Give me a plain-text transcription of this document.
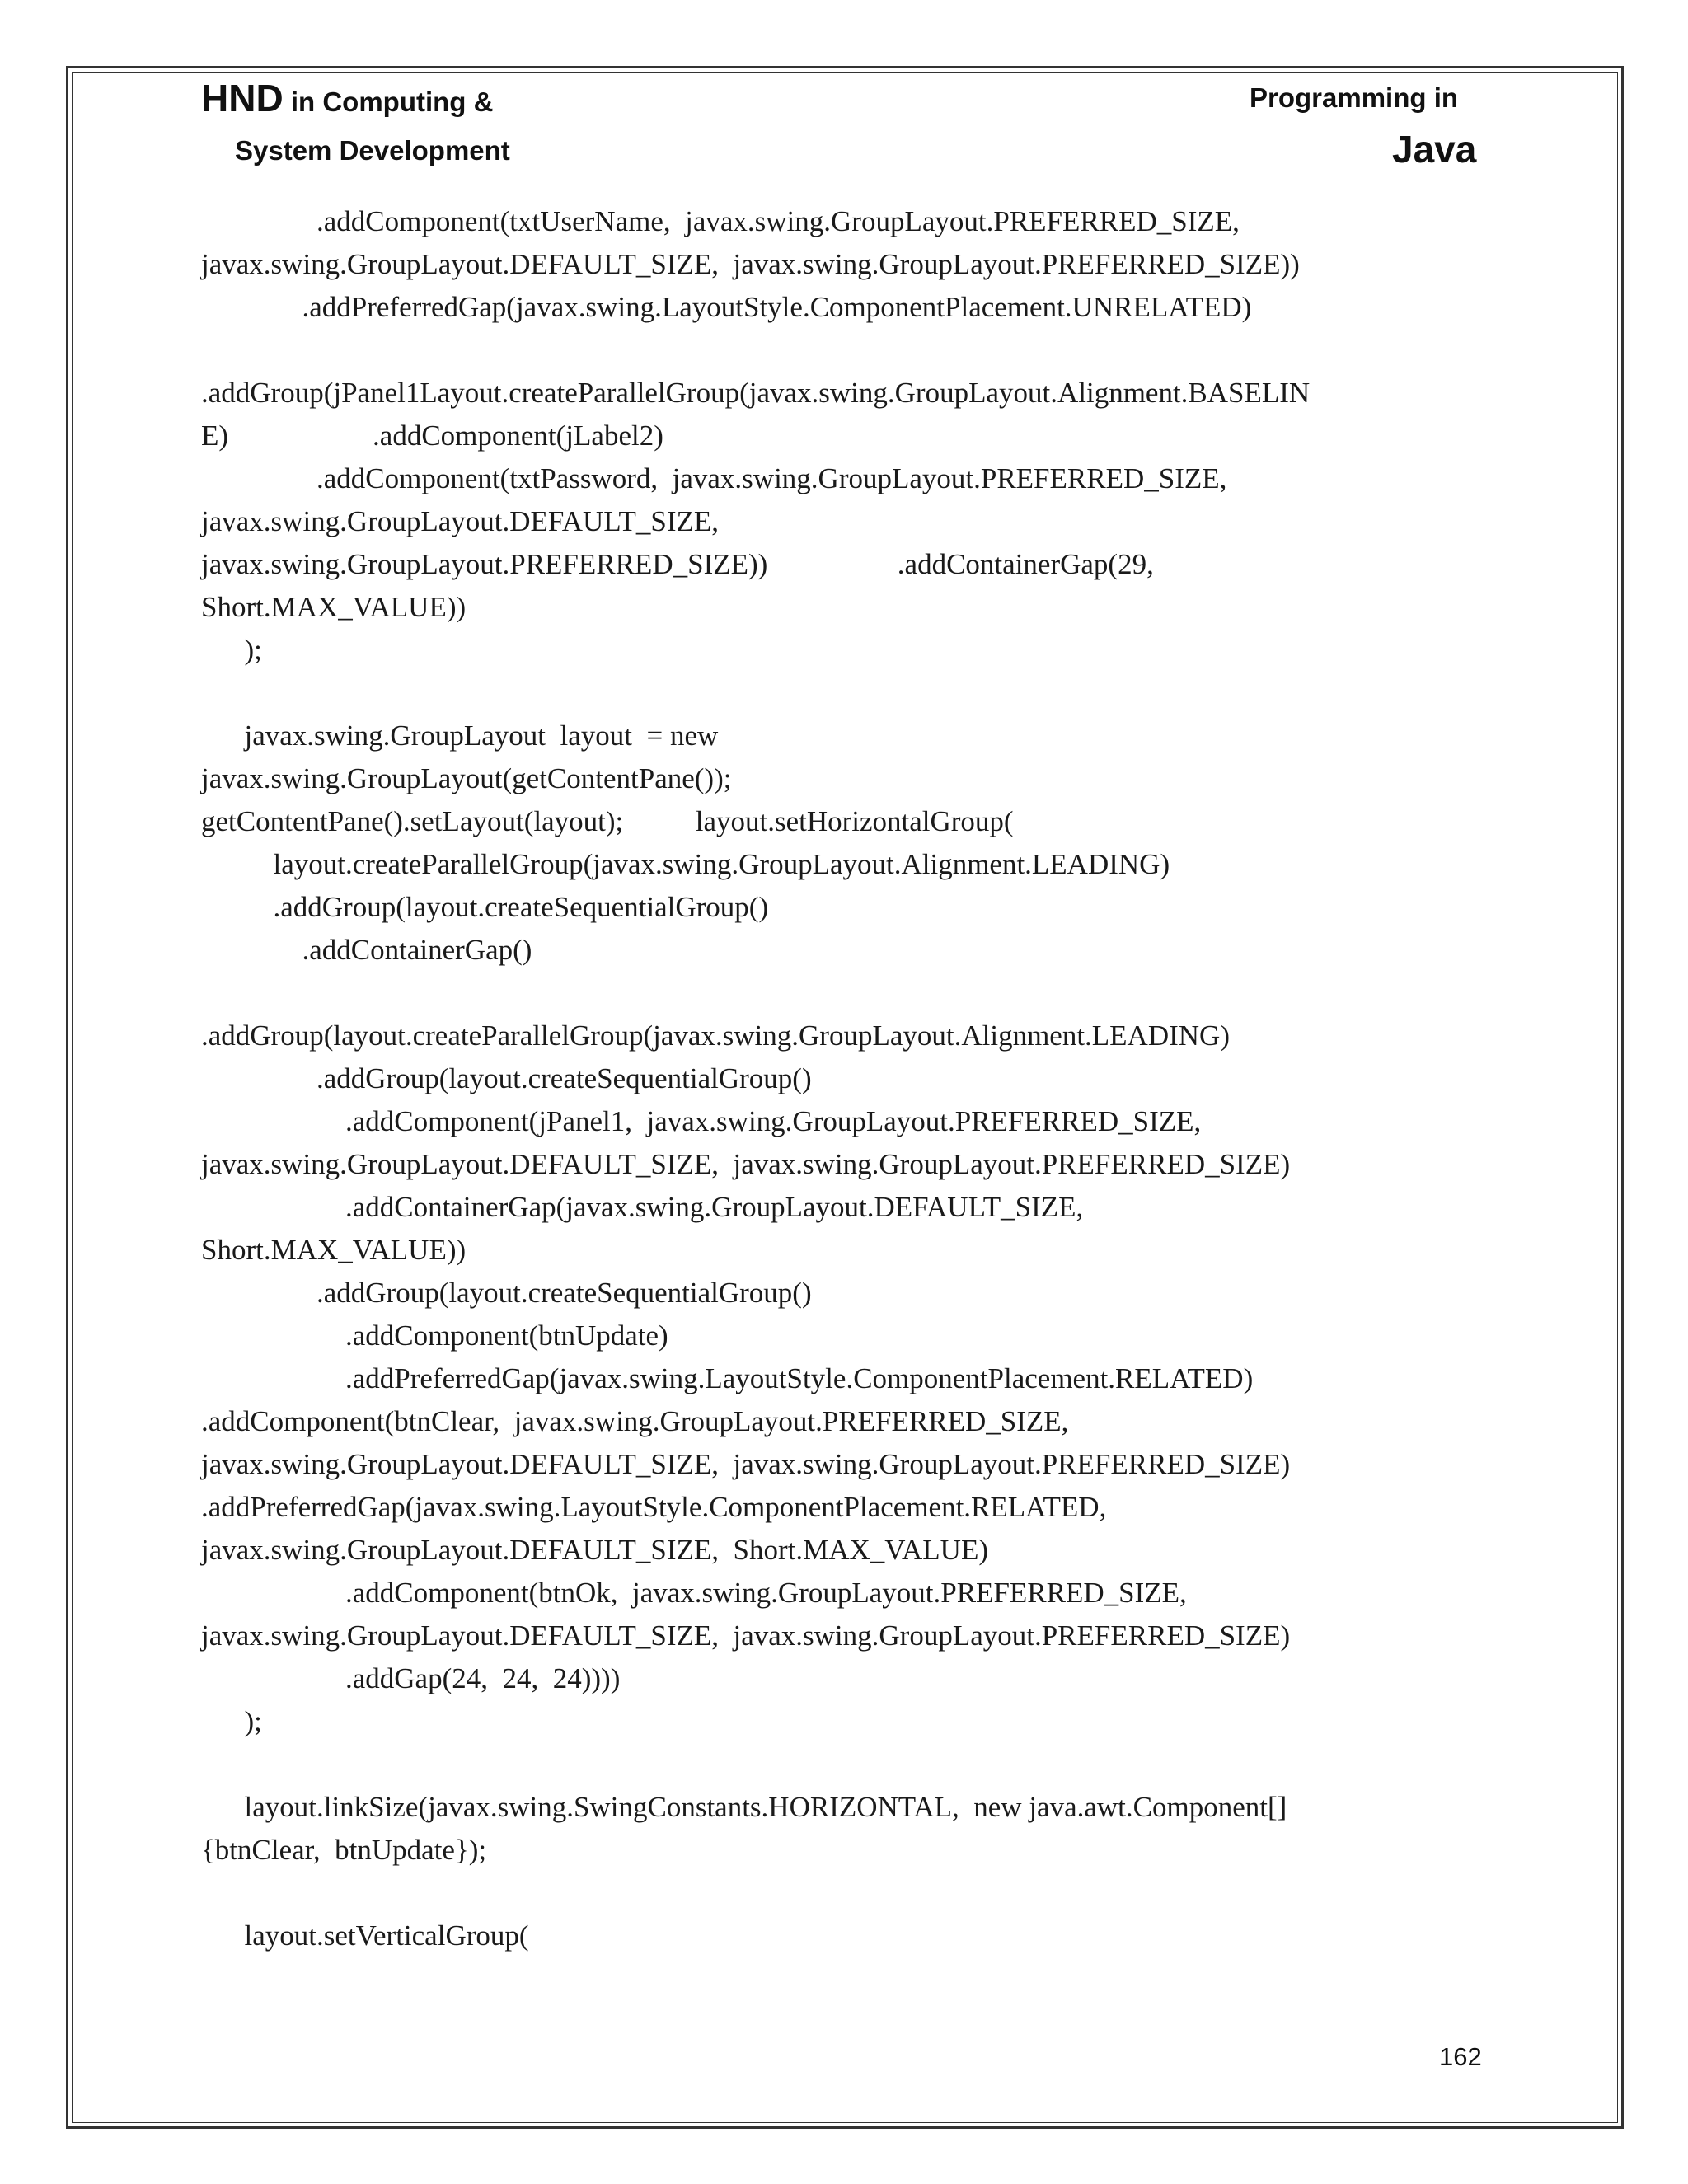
HND in Computing &
System Development
Programming in
Java
.addComponent(txtUserName,  javax.swing.GroupLayout.PREFERRED_SIZE,
javax.swing.GroupLayout.DEFAULT_SIZE,  javax.swing.GroupLayout.PREFERRED_SIZE))
.addPreferredGap(javax.swing.LayoutStyle.ComponentPlacement.UNRELATED)
.addGroup(jPanel1Layout.createParallelGroup(javax.swing.GroupLayout.Alignment.BASELIN
E)                    .addComponent(jLabel2)
.addComponent(txtPassword,  javax.swing.GroupLayout.PREFERRED_SIZE,
javax.swing.GroupLayout.DEFAULT_SIZE,
javax.swing.GroupLayout.PREFERRED_SIZE))                  .addContainerGap(29,
Short.MAX_VALUE))
);
javax.swing.GroupLayout  layout  = new
javax.swing.GroupLayout(getContentPane());
getContentPane().setLayout(layout);          layout.setHorizontalGroup(
layout.createParallelGroup(javax.swing.GroupLayout.Alignment.LEADING)
.addGroup(layout.createSequentialGroup()
.addContainerGap()
.addGroup(layout.createParallelGroup(javax.swing.GroupLayout.Alignment.LEADING)
.addGroup(layout.createSequentialGroup()
.addComponent(jPanel1,  javax.swing.GroupLayout.PREFERRED_SIZE,
javax.swing.GroupLayout.DEFAULT_SIZE,  javax.swing.GroupLayout.PREFERRED_SIZE)
.addContainerGap(javax.swing.GroupLayout.DEFAULT_SIZE,
Short.MAX_VALUE))
.addGroup(layout.createSequentialGroup()
.addComponent(btnUpdate)
.addPreferredGap(javax.swing.LayoutStyle.ComponentPlacement.RELATED)
.addComponent(btnClear,  javax.swing.GroupLayout.PREFERRED_SIZE,
javax.swing.GroupLayout.DEFAULT_SIZE,  javax.swing.GroupLayout.PREFERRED_SIZE)
.addPreferredGap(javax.swing.LayoutStyle.ComponentPlacement.RELATED,
javax.swing.GroupLayout.DEFAULT_SIZE,  Short.MAX_VALUE)
.addComponent(btnOk,  javax.swing.GroupLayout.PREFERRED_SIZE,
javax.swing.GroupLayout.DEFAULT_SIZE,  javax.swing.GroupLayout.PREFERRED_SIZE)
.addGap(24,  24,  24))))
);
layout.linkSize(javax.swing.SwingConstants.HORIZONTAL,  new java.awt.Component[]
{btnClear,  btnUpdate});
layout.setVerticalGroup(
162
